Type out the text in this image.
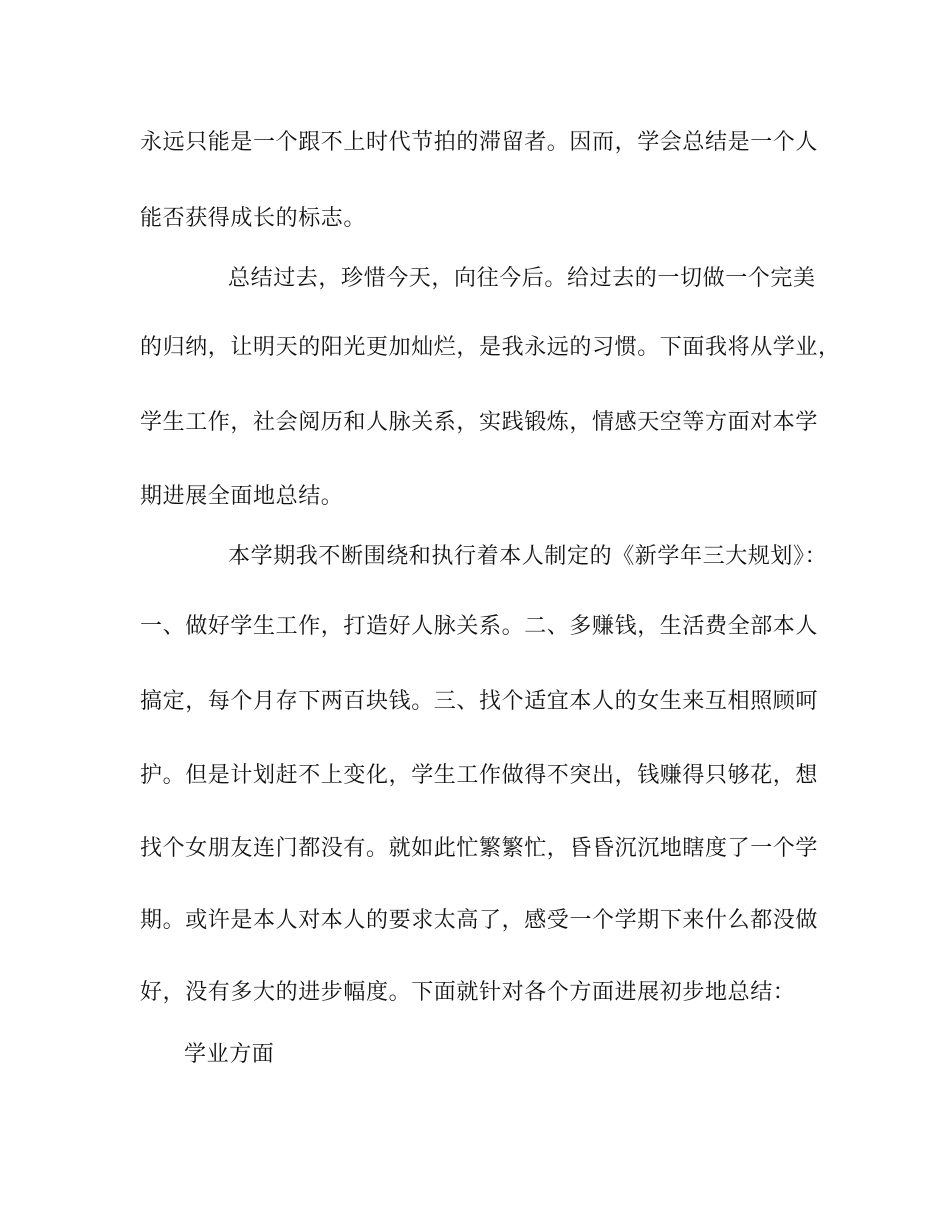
永远只能是一个跟不上时代节拍的滞留者。因而，学会总结是一个人
能否获得成长的标志。
总结过去，珍惜今天，向往今后。给过去的一切做一个完美
的归纳，让明天的阳光更加灿烂，是我永远的习惯。下面我将从学业，
学生工作，社会阅历和人脉关系，实践锻炼，情感天空等方面对本学
期进展全面地总结。
本学期我不断围绕和执行着本人制定的《新学年三大规划》：
一、做好学生工作，打造好人脉关系。二、多赚钱，生活费全部本人
搞定，每个月存下两百块钱。三、找个适宜本人的女生来互相照顾呵
护。但是计划赶不上变化，学生工作做得不突出，钱赚得只够花，想
找个女朋友连门都没有。就如此忙繁繁忙，昏昏沉沉地瞎度了一个学
期。或许是本人对本人的要求太高了，感受一个学期下来什么都没做
好，没有多大的进步幅度。下面就针对各个方面进展初步地总结：
学业方面
